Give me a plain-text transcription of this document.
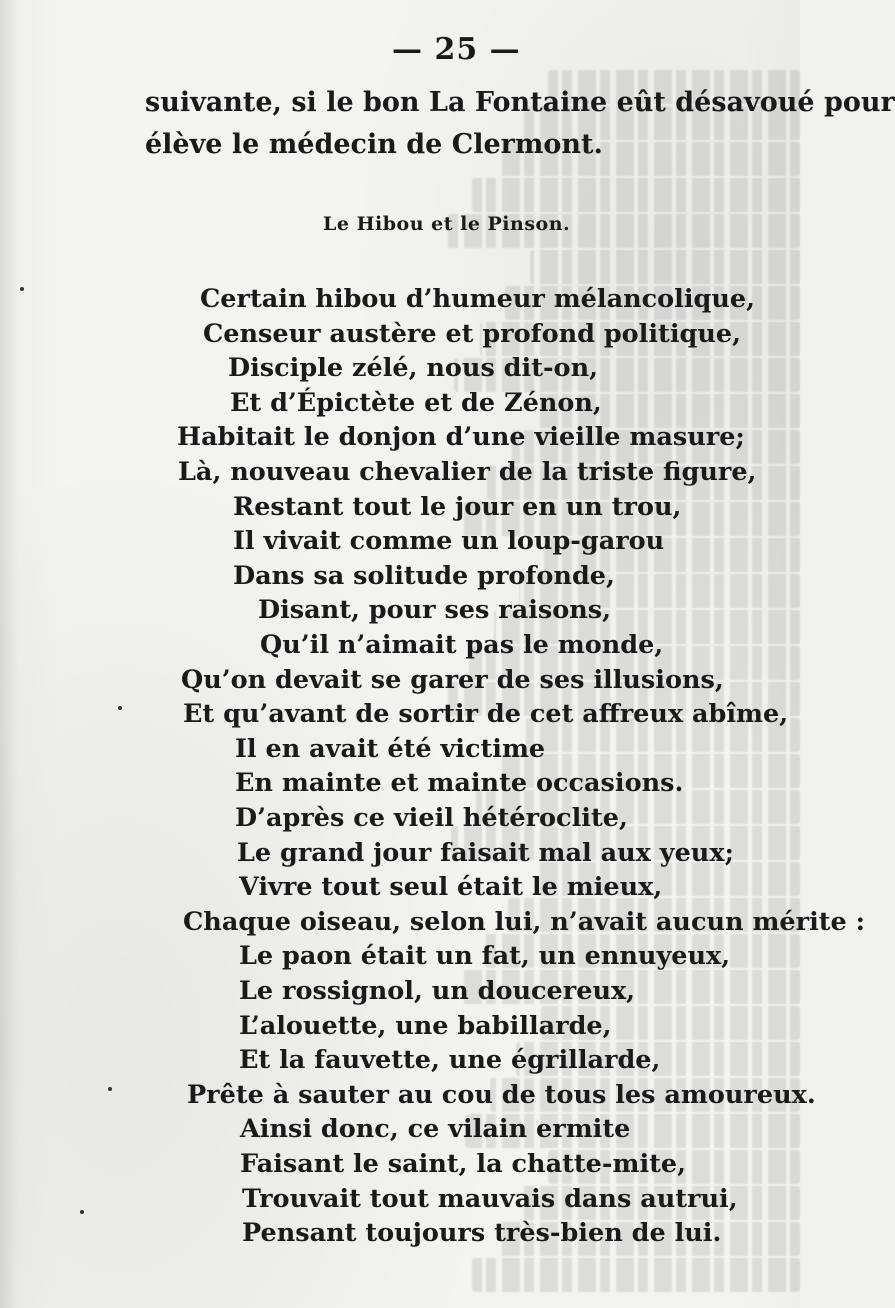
— 25 —
suivante, si le bon La Fontaine eût désavoué pour
élève le médecin de Clermont.
Le Hibou et le Pinson.
Certain hibou d’humeur mélancolique,
Censeur austère et profond politique,
Disciple zélé, nous dit-on,
Et d’Épictète et de Zénon,
Habitait le donjon d’une vieille masure;
Là, nouveau chevalier de la triste figure,
Restant tout le jour en un trou,
Il vivait comme un loup-garou
Dans sa solitude profonde,
Disant, pour ses raisons,
Qu’il n’aimait pas le monde,
Qu’on devait se garer de ses illusions,
Et qu’avant de sortir de cet affreux abîme,
Il en avait été victime
En mainte et mainte occasions.
D’après ce vieil hétéroclite,
Le grand jour faisait mal aux yeux;
Vivre tout seul était le mieux,
Chaque oiseau, selon lui, n’avait aucun mérite :
Le paon était un fat, un ennuyeux,
Le rossignol, un doucereux,
L’alouette, une babillarde,
Et la fauvette, une égrillarde,
Prête à sauter au cou de tous les amoureux.
Ainsi donc, ce vilain ermite
Faisant le saint, la chatte-mite,
Trouvait tout mauvais dans autrui,
Pensant toujours très-bien de lui.
